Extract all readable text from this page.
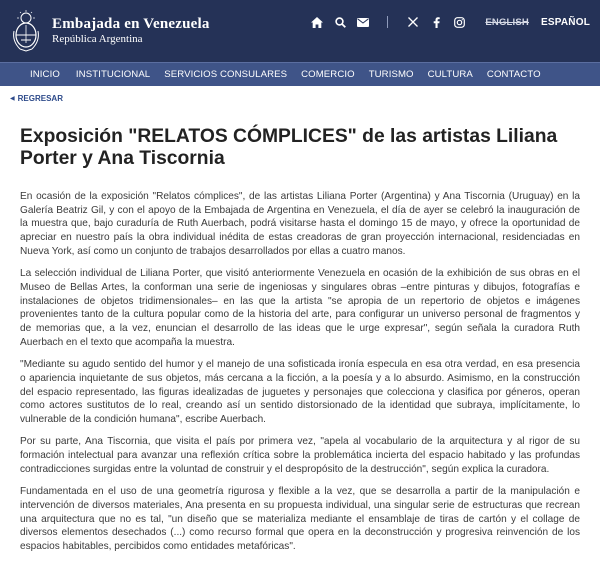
Embajada en Venezuela
República Argentina
ENGLISH ESPAÑOL
INICIO INSTITUCIONAL SERVICIOS CONSULARES COMERCIO TURISMO CULTURA CONTACTO
◀ REGRESAR
Exposición "RELATOS CÓMPLICES" de las artistas Liliana Porter y Ana Tiscornia

En ocasión de la exposición "Relatos cómplices", de las artistas Liliana Porter (Argentina) y Ana Tiscornia (Uruguay) en la Galería Beatriz Gil, y con el apoyo de la Embajada de Argentina en Venezuela, el día de ayer se celebró la inauguración de la muestra que, bajo curaduría de Ruth Auerbach, podrá visitarse hasta el domingo 15 de mayo, y ofrece la oportunidad de apreciar en nuestro país la obra individual inédita de estas creadoras de gran proyección internacional, residenciadas en Nueva York, así como un conjunto de trabajos desarrollados por ellas a cuatro manos.

La selección individual de Liliana Porter, que visitó anteriormente Venezuela en ocasión de la exhibición de sus obras en el Museo de Bellas Artes, la conforman una serie de ingeniosas y singulares obras –entre pinturas y dibujos, fotografías e instalaciones de objetos tridimensionales– en las que la artista "se apropia de un repertorio de objetos e imágenes provenientes tanto de la cultura popular como de la historia del arte, para configurar un universo personal de fragmentos y de memorias que, a la vez, enuncian el desarrollo de las ideas que le urge expresar", según señala la curadora Ruth Auerbach en el texto que acompaña la muestra.

"Mediante su agudo sentido del humor y el manejo de una sofisticada ironía especula en esa otra verdad, en esa presencia o apariencia inquietante de sus objetos, más cercana a la ficción, a la poesía y a lo absurdo. Asimismo, en la construcción del espacio representado, las figuras idealizadas de juguetes y personajes que colecciona y clasifica por géneros, operan como actores sustitutos de lo real, creando así un sentido distorsionado de la identidad que subraya, implícitamente, lo vulnerable de la condición humana", escribe Auerbach.

Por su parte, Ana Tiscornia, que visita el país por primera vez, "apela al vocabulario de la arquitectura y al rigor de su formación intelectual para avanzar una reflexión crítica sobre la problemática incierta del espacio habitado y las profundas contradicciones surgidas entre la voluntad de construir y el despropósito de la destrucción", según explica la curadora.

Fundamentada en el uso de una geometría rigurosa y flexible a la vez, que se desarrolla a partir de la manipulación e intervención de diversos materiales, Ana presenta en su propuesta individual, una singular serie de estructuras que recrean una arquitectura que no es tal, "un diseño que se materializa mediante el ensamblaje de tiras de cartón y el collage de diversos elementos desechados (...) como recurso formal que opera en la deconstrucción y progresiva reinvención de los espacios habitables, percibidos como entidades metafóricas".
